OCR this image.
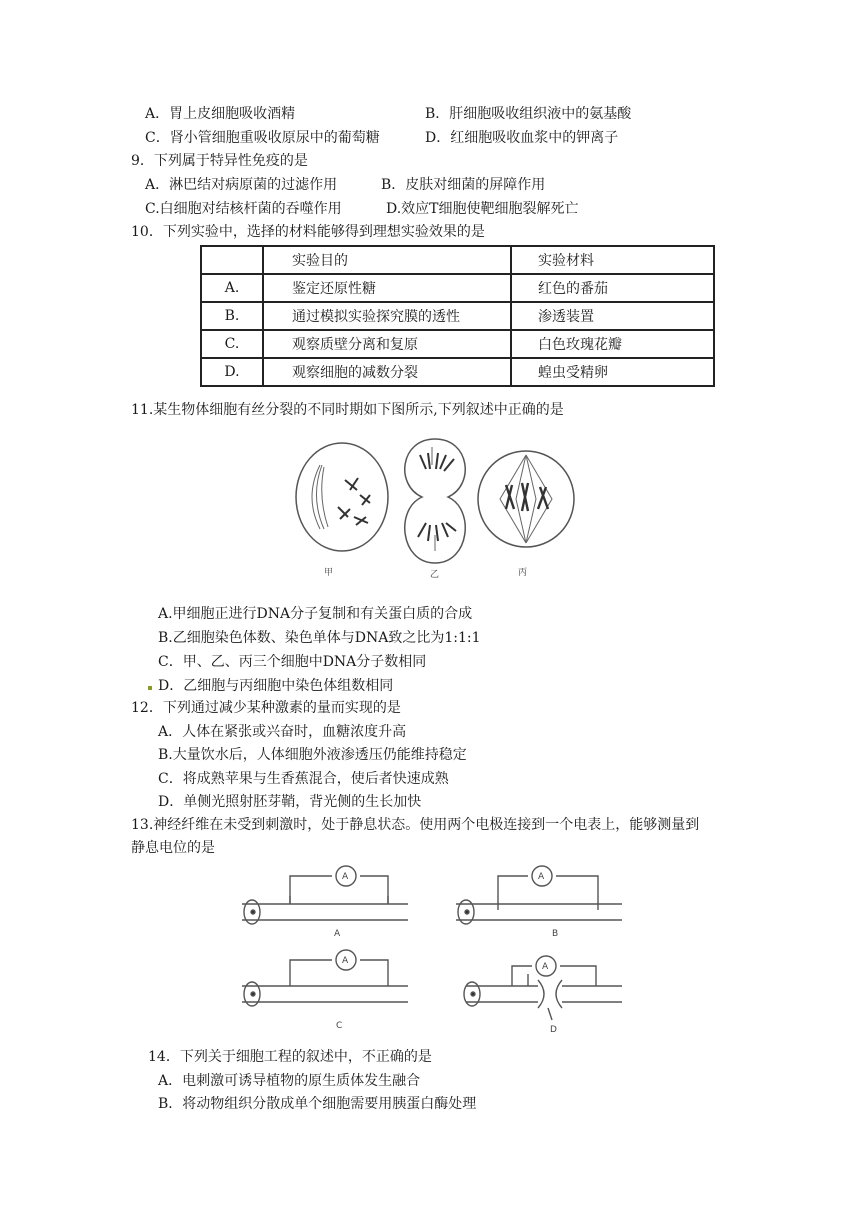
A．胃上皮细胞吸收酒精	B．肝细胞吸收组织液中的氨基酸
C．肾小管细胞重吸收原尿中的葡萄糖	D．红细胞吸收血浆中的钾离子
9．下列属于特异性免疫的是
A．淋巴结对病原菌的过滤作用	B．皮肤对细菌的屏障作用
C.白细胞对结核杆菌的吞噬作用	D.效应T细胞使靶细胞裂解死亡
10．下列实验中，选择的材料能够得到理想实验效果的是
	实验目的	实验材料
A.	鉴定还原性糖	红色的番茄
B.	通过模拟实验探究膜的透性	渗透装置
C.	观察质壁分离和复原	白色玫瑰花瓣
D.	观察细胞的减数分裂	蝗虫受精卵
11.某生物体细胞有丝分裂的不同时期如下图所示,下列叙述中正确的是
甲	乙	丙
A.甲细胞正进行DNA分子复制和有关蛋白质的合成
B.乙细胞染色体数、染色单体与DNA致之比为1:1:1
C．甲、乙、丙三个细胞中DNA分子数相同
D．乙细胞与丙细胞中染色体组数相同
12．下列通过减少某种激素的量而实现的是
A．人体在紧张或兴奋时，血糖浓度升高
B.大量饮水后，人体细胞外液渗透压仍能维持稳定
C．将成熟苹果与生香蕉混合，使后者快速成熟
D．单侧光照射胚芽鞘，背光侧的生长加快
13.神经纤维在未受到刺激时，处于静息状态。使用两个电极连接到一个电表上，能够测量到
静息电位的是
A	A
A
A
A	B
C	D
14．下列关于细胞工程的叙述中，不正确的是
A．电刺激可诱导植物的原生质体发生融合
B．将动物组织分散成单个细胞需要用胰蛋白酶处理
